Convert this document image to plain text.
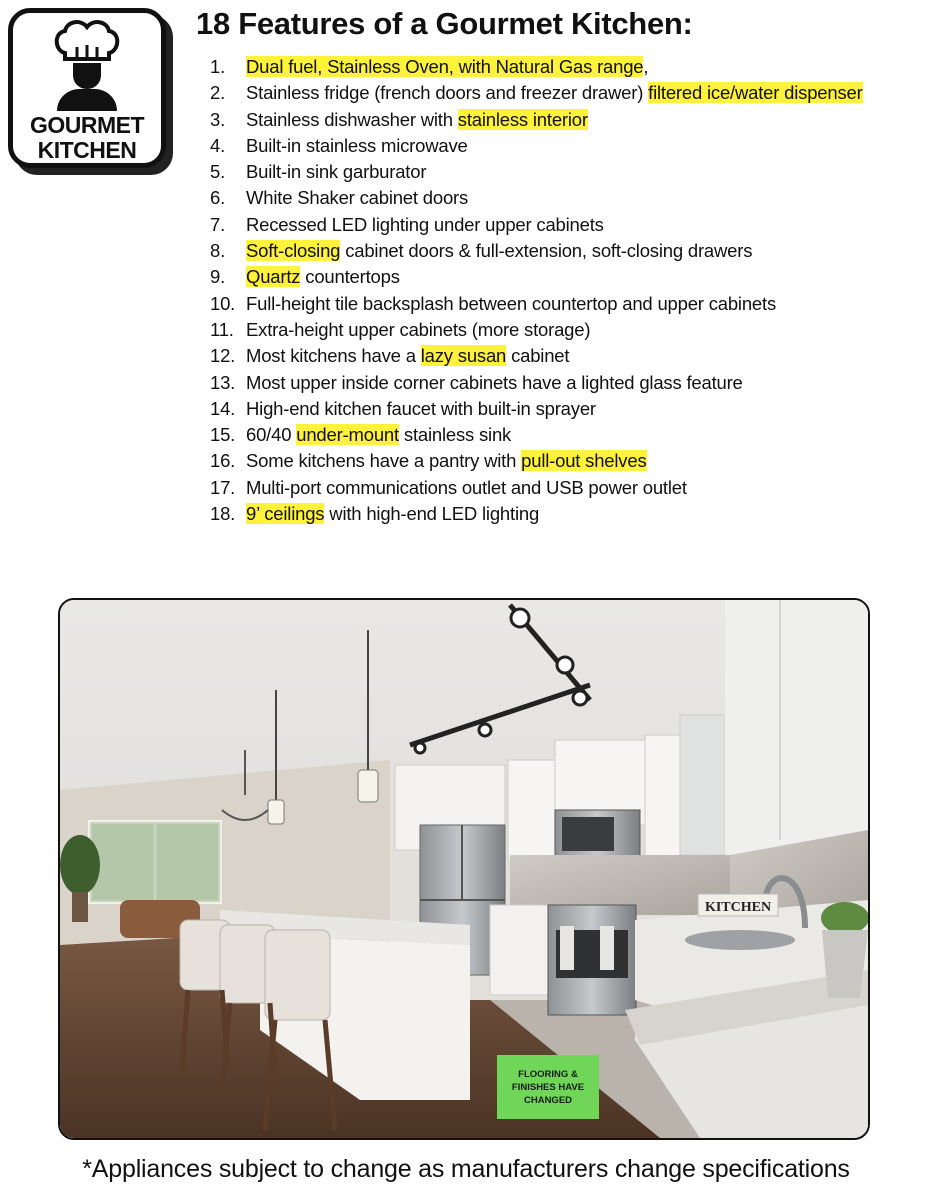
GOURMET
KITCHEN
18 Features of a Gourmet Kitchen:
1. Dual fuel, Stainless Oven, with Natural Gas range,
2. Stainless fridge (french doors and freezer drawer) filtered ice/water dispenser
3. Stainless dishwasher with stainless interior
4. Built-in stainless microwave
5. Built-in sink garburator
6. White Shaker cabinet doors
7. Recessed LED lighting under upper cabinets
8. Soft-closing cabinet doors & full-extension, soft-closing drawers
9. Quartz countertops
10. Full-height tile backsplash between countertop and upper cabinets
11. Extra-height upper cabinets (more storage)
12. Most kitchens have a lazy susan cabinet
13. Most upper inside corner cabinets have a lighted glass feature
14. High-end kitchen faucet with built-in sprayer
15. 60/40 under-mount stainless sink
16. Some kitchens have a pantry with pull-out shelves
17. Multi-port communications outlet and USB power outlet
18. 9’ ceilings with high-end LED lighting
KITCHEN
FLOORING & FINISHES HAVE CHANGED

*Appliances subject to change as manufacturers change specifications
